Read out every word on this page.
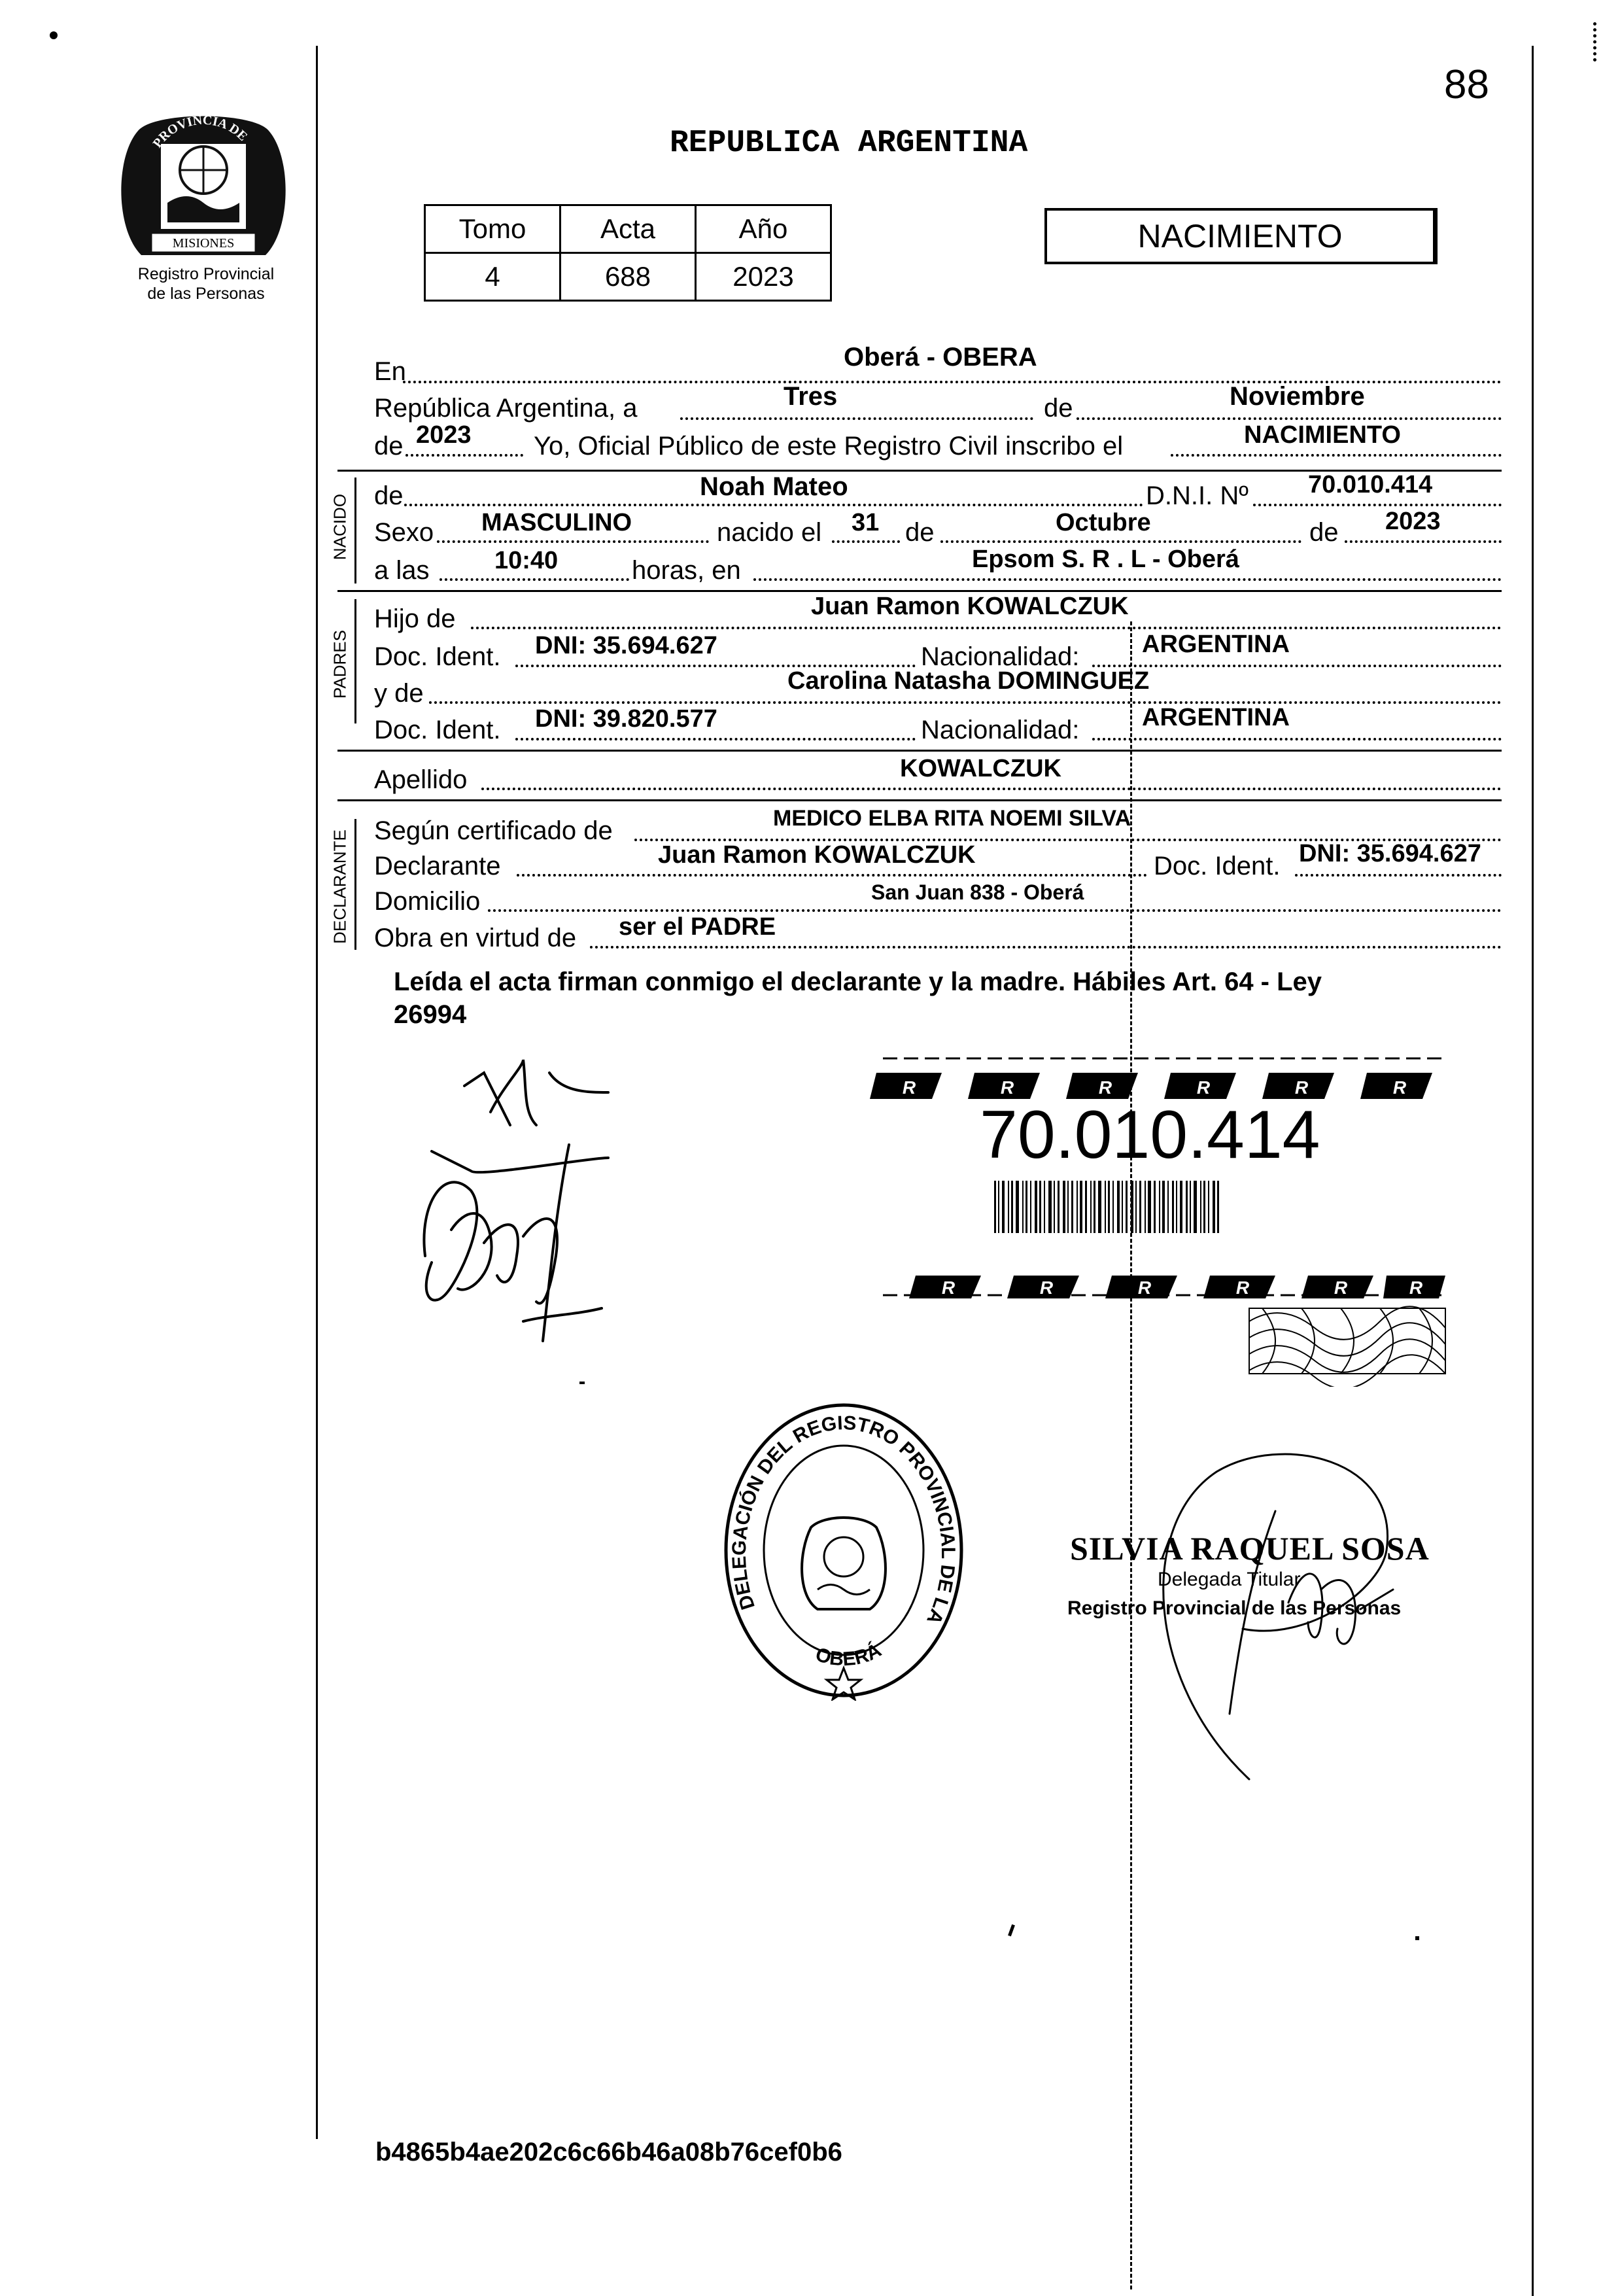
88
PROVINCIA DE
MISIONES
Registro Provincial
de las Personas
REPUBLICA ARGENTINA
Tomo	Acta	Año
4	688	2023
NACIMIENTO
En	Oberá - OBERA
República Argentina, a	Tres	de	Noviembre
de 2023 Yo, Oficial Público de este Registro Civil inscribo el	NACIMIENTO
NACIDO de	Noah Mateo	D.N.I. Nº 70.010.414
Sexo MASCULINO	nacido el 31 de	Octubre	de 2023
a las	10:40	horas, en	Epsom S. R . L - Oberá
PADRES
Hijo de	Juan Ramon KOWALCZUK
Doc. Ident. DNI: 35.694.627	Nacionalidad:	ARGENTINA
y de	Carolina Natasha DOMINGUEZ
Doc. Ident. DNI: 39.820.577	Nacionalidad:	ARGENTINA
Apellido	KOWALCZUK
DECLARANTE Según certificado de	MEDICO ELBA RITA NOEMI SILVA
Declarante	Juan Ramon KOWALCZUK	Doc. Ident. DNI: 35.694.627
Domicilio	San Juan 838 - Oberá
Obra en virtud de ser el PADRE
Leída el acta firman conmigo el declarante y la madre. Hábiles Art. 64 - Ley
26994
R	R	R	R	R	R
R	R	R	R	R	R
70.010.414
DELEGACIÓN DEL REGISTRO PROVINCIAL DE LA
OBERÁ
SILVIA RAQUEL SOSA
Delegada Titular
Registro Provincial de las Personas
b4865b4ae202c6c66b46a08b76cef0b6
